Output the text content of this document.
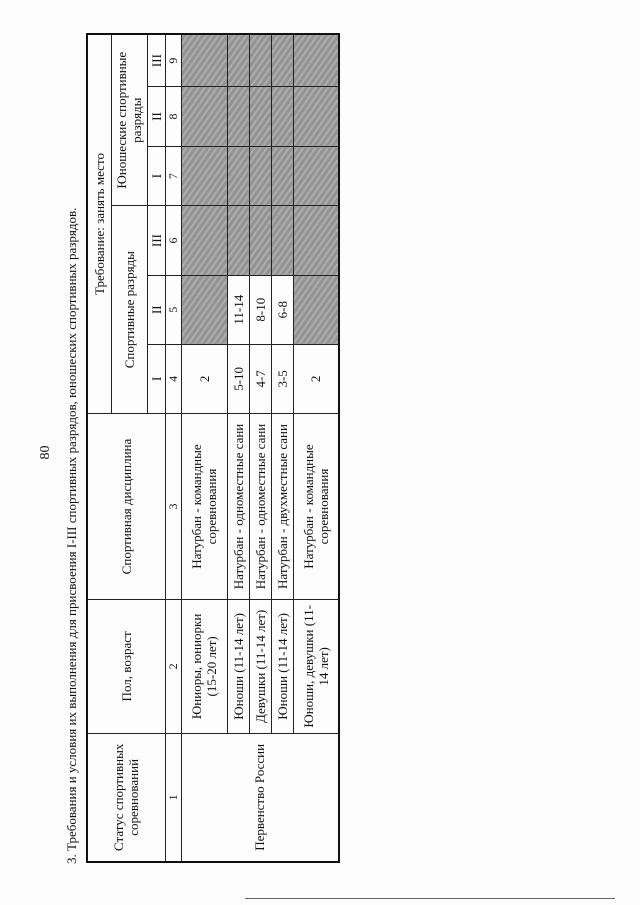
80 3. Требования и условия их выполнения для присвоения I-III спортивных разрядов, юношеских спортивных разрядов. Статус спортивных соревнований	Пол, возраст	Спортивная дисциплина	Требование: занять место					
			Спортивные разряды			Юношеские спортивные разряды		
			I	II	III	I	II	III
1	2	3	4	5	6	7	8	9
Первенство России	Юниоры, юниорки (15-20 лет)	Натурбан - командные соревнования	2					
	Юноши (11-14 лет)	Натурбан - одноместные сани	5-10	11-14				
	Девушки (11-14 лет)	Натурбан - одноместные сани	4-7	8-10				
	Юноши (11-14 лет)	Натурбан - двухместные сани	3-5	6-8				
	Юноши, девушки (11-14 лет)	Натурбан - командные соревнования	2					
